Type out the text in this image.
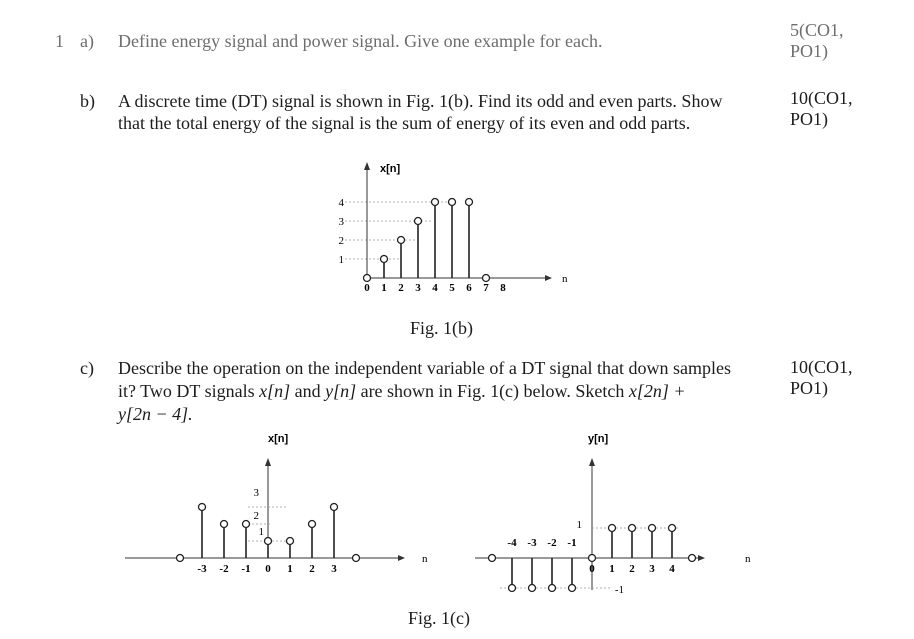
1 a) Define energy signal and power signal. Give one example for each.
5(CO1,
PO1)
b) A discrete time (DT) signal is shown in Fig. 1(b). Find its odd and even parts. Show
that the total energy of the signal is the sum of energy of its even and odd parts.
10(CO1,
PO1)
x[n]
n
1
2
3
4
0 1 2 3 4 5 6 7 8
Fig. 1(b)
c) Describe the operation on the independent variable of a DT signal that down samples
it? Two DT signals x[n] and y[n] are shown in Fig. 1(c) below. Sketch x[2n] +
y[2n − 4].
10(CO1,
PO1)
x[n]
n
1
2
3
-3 -2 -1 0 1 2 3
y[n]
n
1
-1
-4 -3 -2 -1
0 1 2 3 4
Fig. 1(c)
